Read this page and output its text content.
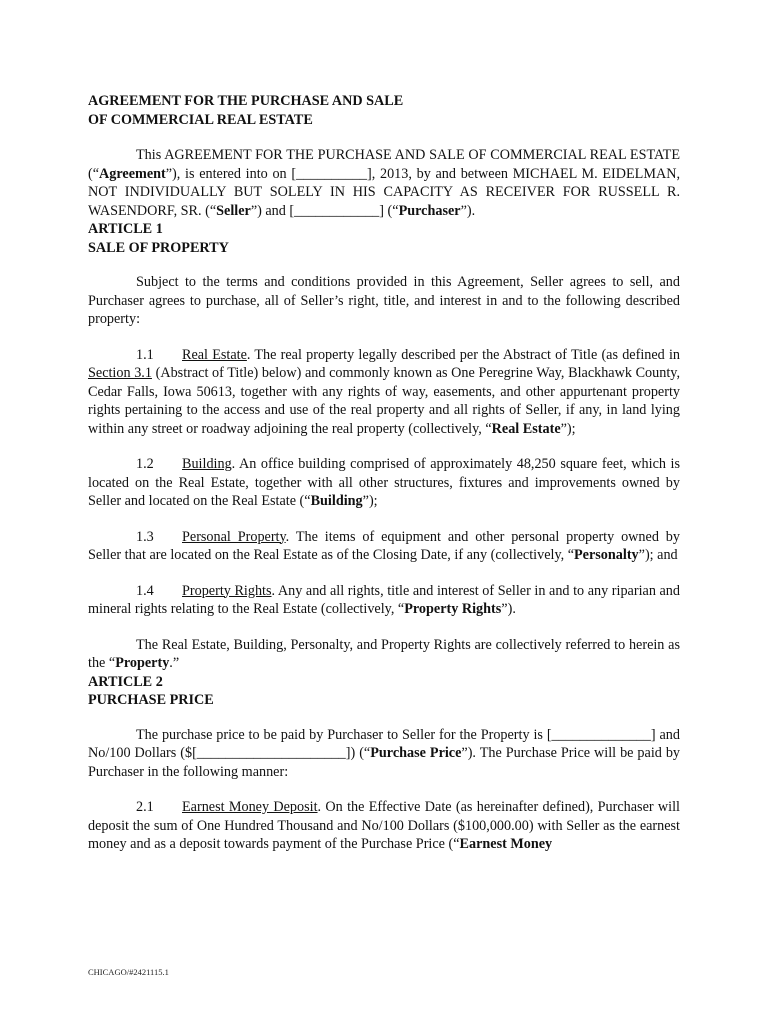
AGREEMENT FOR THE PURCHASE AND SALE

OF COMMERCIAL REAL ESTATE

This AGREEMENT FOR THE PURCHASE AND SALE OF COMMERCIAL REAL ESTATE (“Agreement”), is entered into on [__________], 2013, by and between MICHAEL M. EIDELMAN, NOT INDIVIDUALLY BUT SOLELY IN HIS CAPACITY AS RECEIVER FOR RUSSELL R. WASENDORF, SR. (“Seller”) and [____________] (“Purchaser”).

ARTICLE 1

SALE OF PROPERTY

Subject to the terms and conditions provided in this Agreement, Seller agrees to sell, and Purchaser agrees to purchase, all of Seller’s right, title, and interest in and to the following described property:

1.1 Real Estate. The real property legally described per the Abstract of Title (as defined in Section 3.1 (Abstract of Title) below) and commonly known as One Peregrine Way, Blackhawk County, Cedar Falls, Iowa 50613, together with any rights of way, easements, and other appurtenant property rights pertaining to the access and use of the real property and all rights of Seller, if any, in land lying within any street or roadway adjoining the real property (collectively, “Real Estate”);

1.2 Building. An office building comprised of approximately 48,250 square feet, which is located on the Real Estate, together with all other structures, fixtures and improvements owned by Seller and located on the Real Estate (“Building”);

1.3 Personal Property. The items of equipment and other personal property owned by Seller that are located on the Real Estate as of the Closing Date, if any (collectively, “Personalty”); and

1.4 Property Rights. Any and all rights, title and interest of Seller in and to any riparian and mineral rights relating to the Real Estate (collectively, “Property Rights”).

The Real Estate, Building, Personalty, and Property Rights are collectively referred to herein as the “Property.”

ARTICLE 2

PURCHASE PRICE

The purchase price to be paid by Purchaser to Seller for the Property is [______________] and No/100 Dollars ($[_____________________]) (“Purchase Price”). The Purchase Price will be paid by Purchaser in the following manner:

2.1 Earnest Money Deposit. On the Effective Date (as hereinafter defined), Purchaser will deposit the sum of One Hundred Thousand and No/100 Dollars ($100,000.00) with Seller as the earnest money and as a deposit towards payment of the Purchase Price (“Earnest Money

CHICAGO/#2421115.1
